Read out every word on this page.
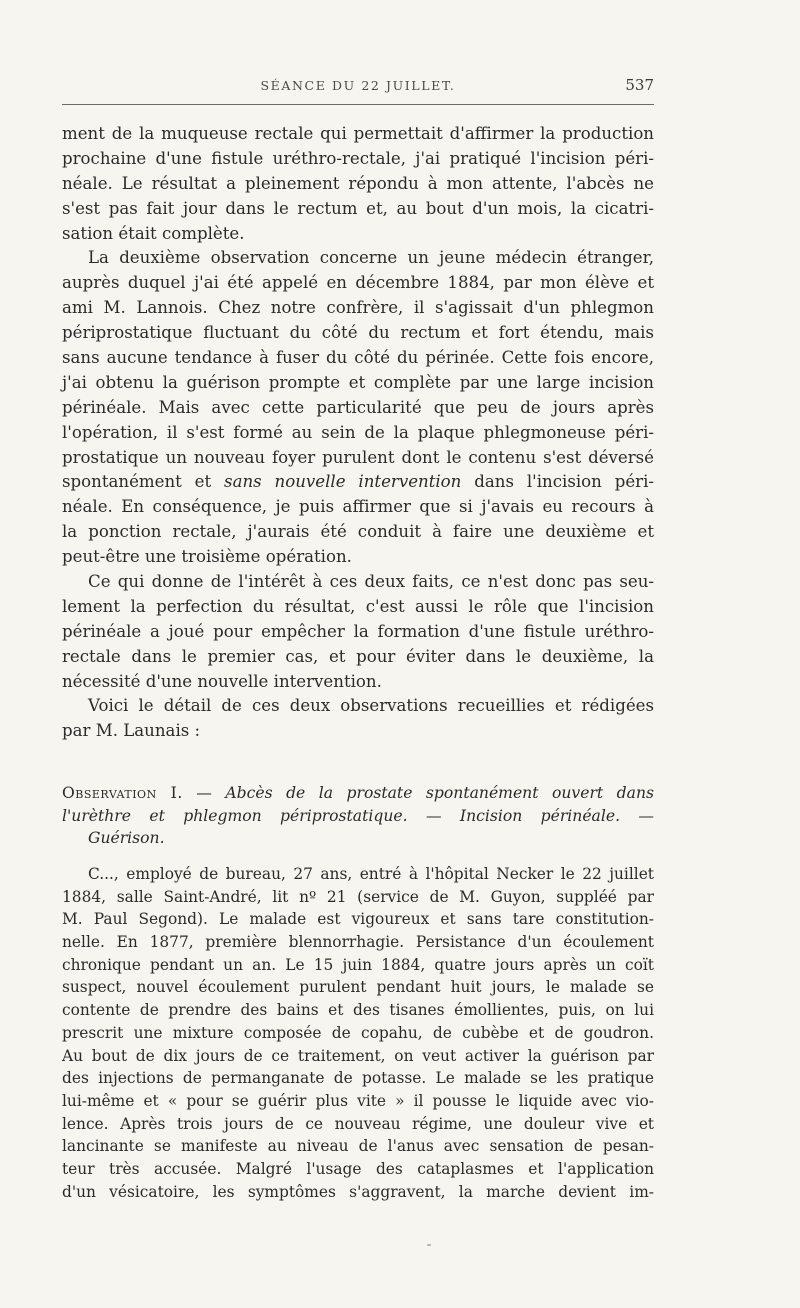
SÉANCE DU 22 JUILLET.	537
ment de la muqueuse rectale qui permettait d'affirmer la production
prochaine d'une fistule uréthro-rectale, j'ai pratiqué l'incision péri-
néale. Le résultat a pleinement répondu à mon attente, l'abcès ne
s'est pas fait jour dans le rectum et, au bout d'un mois, la cicatri-
sation était complète.
La deuxième observation concerne un jeune médecin étranger,
auprès duquel j'ai été appelé en décembre 1884, par mon élève et
ami M. Lannois. Chez notre confrère, il s'agissait d'un phlegmon
périprostatique fluctuant du côté du rectum et fort étendu, mais
sans aucune tendance à fuser du côté du périnée. Cette fois encore,
j'ai obtenu la guérison prompte et complète par une large incision
périnéale. Mais avec cette particularité que peu de jours après
l'opération, il s'est formé au sein de la plaque phlegmoneuse péri-
prostatique un nouveau foyer purulent dont le contenu s'est déversé
spontanément et sans nouvelle intervention dans l'incision péri-
néale. En conséquence, je puis affirmer que si j'avais eu recours à
la ponction rectale, j'aurais été conduit à faire une deuxième et
peut-être une troisième opération.
Ce qui donne de l'intérêt à ces deux faits, ce n'est donc pas seu-
lement la perfection du résultat, c'est aussi le rôle que l'incision
périnéale a joué pour empêcher la formation d'une fistule uréthro-
rectale dans le premier cas, et pour éviter dans le deuxième, la
nécessité d'une nouvelle intervention.
Voici le détail de ces deux observations recueillies et rédigées
par M. Launais :
Observation I. — Abcès de la prostate spontanément ouvert dans
l'urèthre et phlegmon périprostatique. — Incision périnéale. —
Guérison.
C..., employé de bureau, 27 ans, entré à l'hôpital Necker le 22 juillet
1884, salle Saint-André, lit nº 21 (service de M. Guyon, suppléé par
M. Paul Segond). Le malade est vigoureux et sans tare constitution-
nelle. En 1877, première blennorrhagie. Persistance d'un écoulement
chronique pendant un an. Le 15 juin 1884, quatre jours après un coït
suspect, nouvel écoulement purulent pendant huit jours, le malade se
contente de prendre des bains et des tisanes émollientes, puis, on lui
prescrit une mixture composée de copahu, de cubèbe et de goudron.
Au bout de dix jours de ce traitement, on veut activer la guérison par
des injections de permanganate de potasse. Le malade se les pratique
lui-même et « pour se guérir plus vite » il pousse le liquide avec vio-
lence. Après trois jours de ce nouveau régime, une douleur vive et
lancinante se manifeste au niveau de l'anus avec sensation de pesan-
teur très accusée. Malgré l'usage des cataplasmes et l'application
d'un vésicatoire, les symptômes s'aggravent, la marche devient im-
